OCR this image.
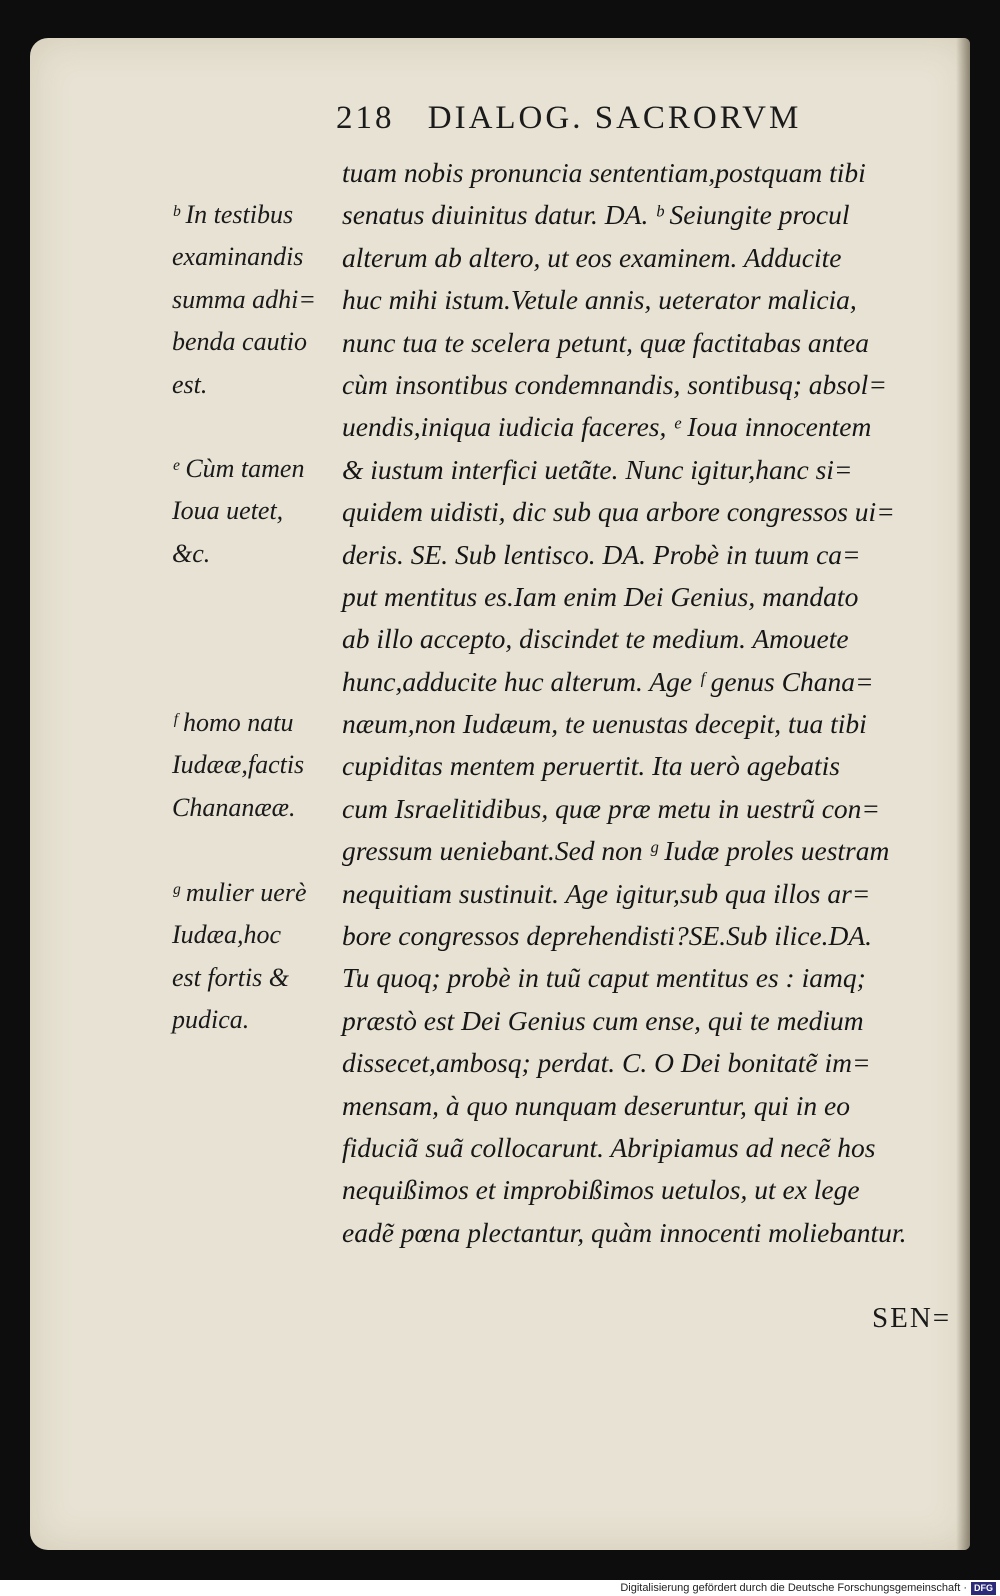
218 DIALOG. SACRORVM
tuam nobis pronuncia sententiam,postquam tibi
senatus diuinitus datur. DA. ᵇ Seiungite procul
alterum ab altero, ut eos examinem. Adducite
huc mihi istum.Vetule annis, ueterator malicia,
nunc tua te scelera petunt, quæ factitabas antea
cùm insontibus condemnandis, sontibusq; absol=
uendis,iniqua iudicia faceres, ᵉ Ioua innocentem
& iustum interfici uetãte. Nunc igitur,hanc si=
quidem uidisti, dic sub qua arbore congressos ui=
deris. SE. Sub lentisco. DA. Probè in tuum ca=
put mentitus es.Iam enim Dei Genius, mandato
ab illo accepto, discindet te medium. Amouete
hunc,adducite huc alterum. Age ᶠ genus Chana=
næum,non Iudæum, te uenustas decepit, tua tibi
cupiditas mentem peruertit. Ita uerò agebatis
cum Israelitidibus, quæ præ metu in uestrũ con=
gressum ueniebant.Sed non ᵍ Iudæ proles uestram
nequitiam sustinuit. Age igitur,sub qua illos ar=
bore congressos deprehendisti?SE.Sub ilice.DA.
Tu quoq; probè in tuũ caput mentitus es : iamq;
præstò est Dei Genius cum ense, qui te medium
dissecet,ambosq; perdat. C. O Dei bonitatẽ im=
mensam, à quo nunquam deseruntur, qui in eo
fiduciã suã collocarunt. Abripiamus ad necẽ hos
nequißimos et improbißimos uetulos, ut ex lege
eadẽ pœna plectantur, quàm innocenti moliebantur.
ᵇ In testibus
examinandis
summa adhi=
benda cautio
est.
ᵉ Cùm tamen
Ioua uetet,
&c.
ᶠ homo natu
Iudææ,factis
Chananææ.
ᵍ mulier uerè
Iudæa,hoc
est fortis &
pudica.
SEN=
Digitalisierung gefördert durch die Deutsche Forschungsgemeinschaft · DFG
